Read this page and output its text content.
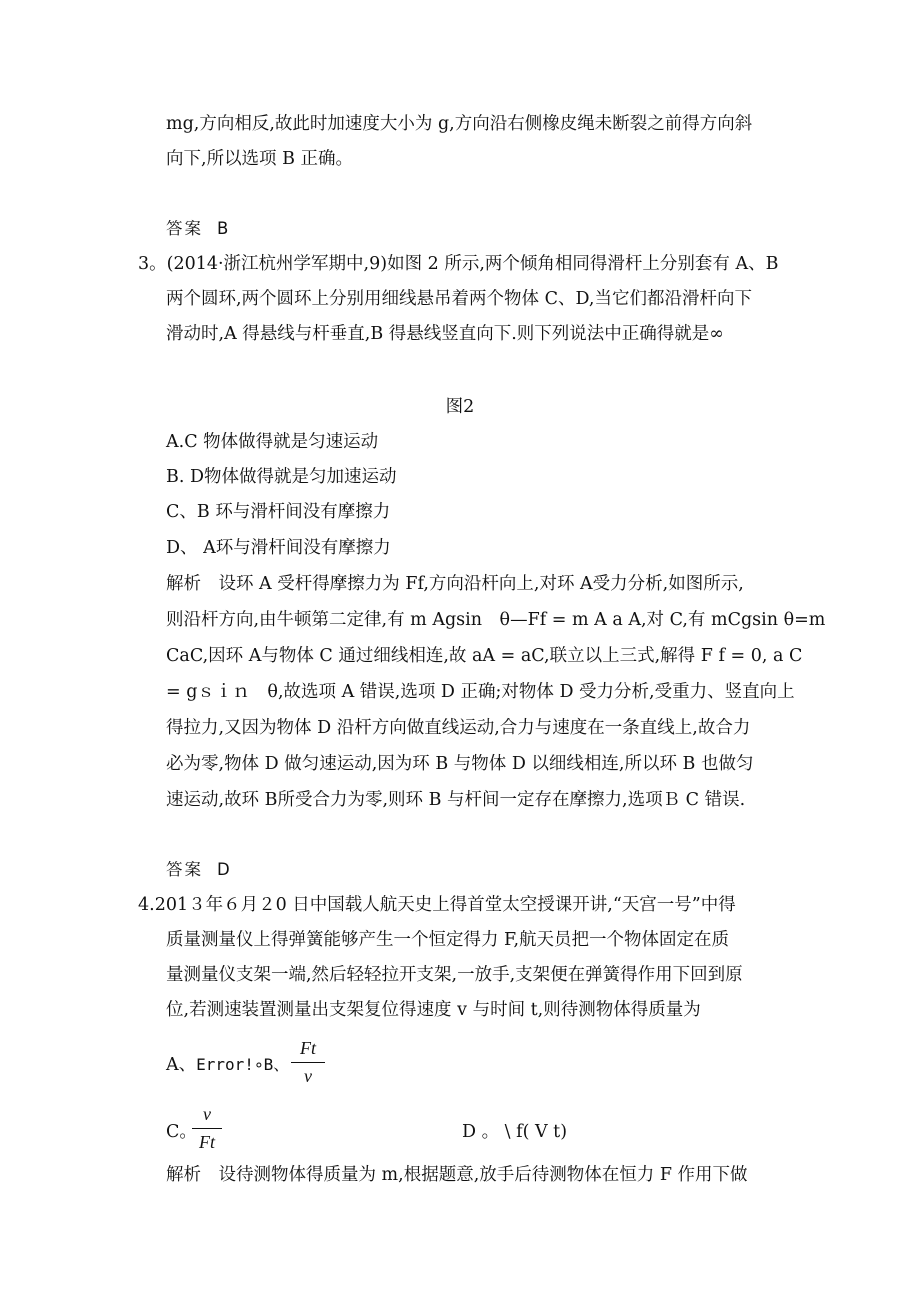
mg,方向相反,故此时加速度大小为 g,方向沿右侧橡皮绳未断裂之前得方向斜
向下,所以选项 B 正确。
答案 B
3。(2014·浙江杭州学军期中,9)如图 2 所示,两个倾角相同得滑杆上分别套有 A、B
两个圆环,两个圆环上分别用细线悬吊着两个物体 C、D,当它们都沿滑杆向下
滑动时,A 得悬线与杆垂直,B 得悬线竖直向下.则下列说法中正确得就是∞
图2
A.C 物体做得就是匀速运动
B. D物体做得就是匀加速运动
C、B 环与滑杆间没有摩擦力
D、 A环与滑杆间没有摩擦力
解析　设环 A 受杆得摩擦力为 Ff,方向沿杆向上,对环 A受力分析,如图所示,
则沿杆方向,由牛顿第二定律,有 m Agsin　θ—Ff = m A a A,对 C,有 mCgsin θ=m
CaC,因环 A与物体 C 通过细线相连,故 aA = aC,联立以上三式,解得 F f = 0, a C
= gｓｉｎ　θ,故选项 A 错误,选项 D 正确;对物体 D 受力分析,受重力、竖直向上
得拉力,又因为物体 D 沿杆方向做直线运动,合力与速度在一条直线上,故合力
必为零,物体 D 做匀速运动,因为环 B 与物体 D 以细线相连,所以环 B 也做匀
速运动,故环 B所受合力为零,则环 B 与杆间一定存在摩擦力,选项Ｂ C 错误.
答案 D
4.201３年６月２0 日中国载人航天史上得首堂太空授课开讲,“天宫一号”中得
质量测量仪上得弹簧能够产生一个恒定得力 F,航天员把一个物体固定在质
量测量仪支架一端,然后轻轻拉开支架,一放手,支架便在弹簧得作用下回到原
位,若测速装置测量出支架复位得速度 v 与时间 t,则待测物体得质量为
A、Error!∘B、
Ft
v
C。
v
Ft	D 。 \ f( V t)
解析　设待测物体得质量为 m,根据题意,放手后待测物体在恒力 F 作用下做
